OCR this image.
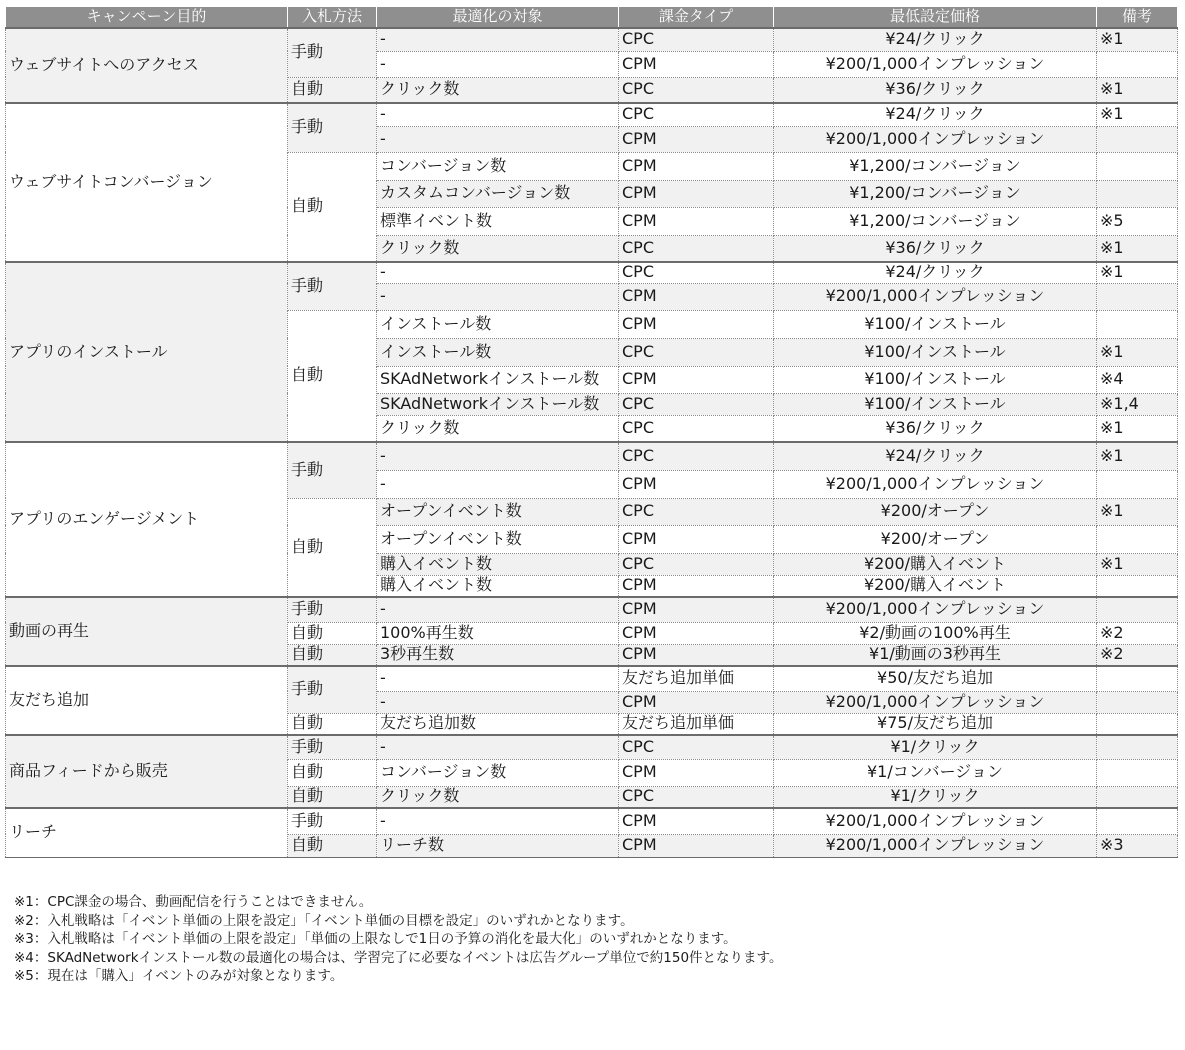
キャンペーン目的	入札方法	最適化の対象	課金タイプ	最低設定価格	備考
ウェブサイトへのアクセス	手動	-	CPC	¥24/クリック	※1
		-	CPM	¥200/1,000インプレッション	
	自動	クリック数	CPC	¥36/クリック	※1
ウェブサイトコンバージョン	手動	-	CPC	¥24/クリック	※1
		-	CPM	¥200/1,000インプレッション	
	自動	コンバージョン数	CPM	¥1,200/コンバージョン	
		カスタムコンバージョン数	CPM	¥1,200/コンバージョン	
		標準イベント数	CPM	¥1,200/コンバージョン	※5
		クリック数	CPC	¥36/クリック	※1
アプリのインストール	手動	-	CPC	¥24/クリック	※1
		-	CPM	¥200/1,000インプレッション	
	自動	インストール数	CPM	¥100/インストール	
		インストール数	CPC	¥100/インストール	※1
		SKAdNetworkインストール数	CPM	¥100/インストール	※4
		SKAdNetworkインストール数	CPC	¥100/インストール	※1,4
		クリック数	CPC	¥36/クリック	※1
アプリのエンゲージメント	手動	-	CPC	¥24/クリック	※1
		-	CPM	¥200/1,000インプレッション	
	自動	オープンイベント数	CPC	¥200/オープン	※1
		オープンイベント数	CPM	¥200/オープン	
		購入イベント数	CPC	¥200/購入イベント	※1
		購入イベント数	CPM	¥200/購入イベント	
動画の再生	手動	-	CPM	¥200/1,000インプレッション	
	自動	100%再生数	CPM	¥2/動画の100%再生	※2
	自動	3秒再生数	CPM	¥1/動画の3秒再生	※2
友だち追加	手動	-	友だち追加単価	¥50/友だち追加	
		-	CPM	¥200/1,000インプレッション	
	自動	友だち追加数	友だち追加単価	¥75/友だち追加	
商品フィードから販売	手動	-	CPC	¥1/クリック	
	自動	コンバージョン数	CPM	¥1/コンバージョン	
	自動	クリック数	CPC	¥1/クリック	
リーチ	手動	-	CPM	¥200/1,000インプレッション	
	自動	リーチ数	CPM	¥200/1,000インプレッション	※3
※1：CPC課金の場合、動画配信を行うことはできません。
※2：入札戦略は「イベント単価の上限を設定」「イベント単価の目標を設定」のいずれかとなります。
※3：入札戦略は「イベント単価の上限を設定」「単価の上限なしで1日の予算の消化を最大化」のいずれかとなります。
※4：SKAdNetworkインストール数の最適化の場合は、学習完了に必要なイベントは広告グループ単位で約150件となります。
※5：現在は「購入」イベントのみが対象となります。
